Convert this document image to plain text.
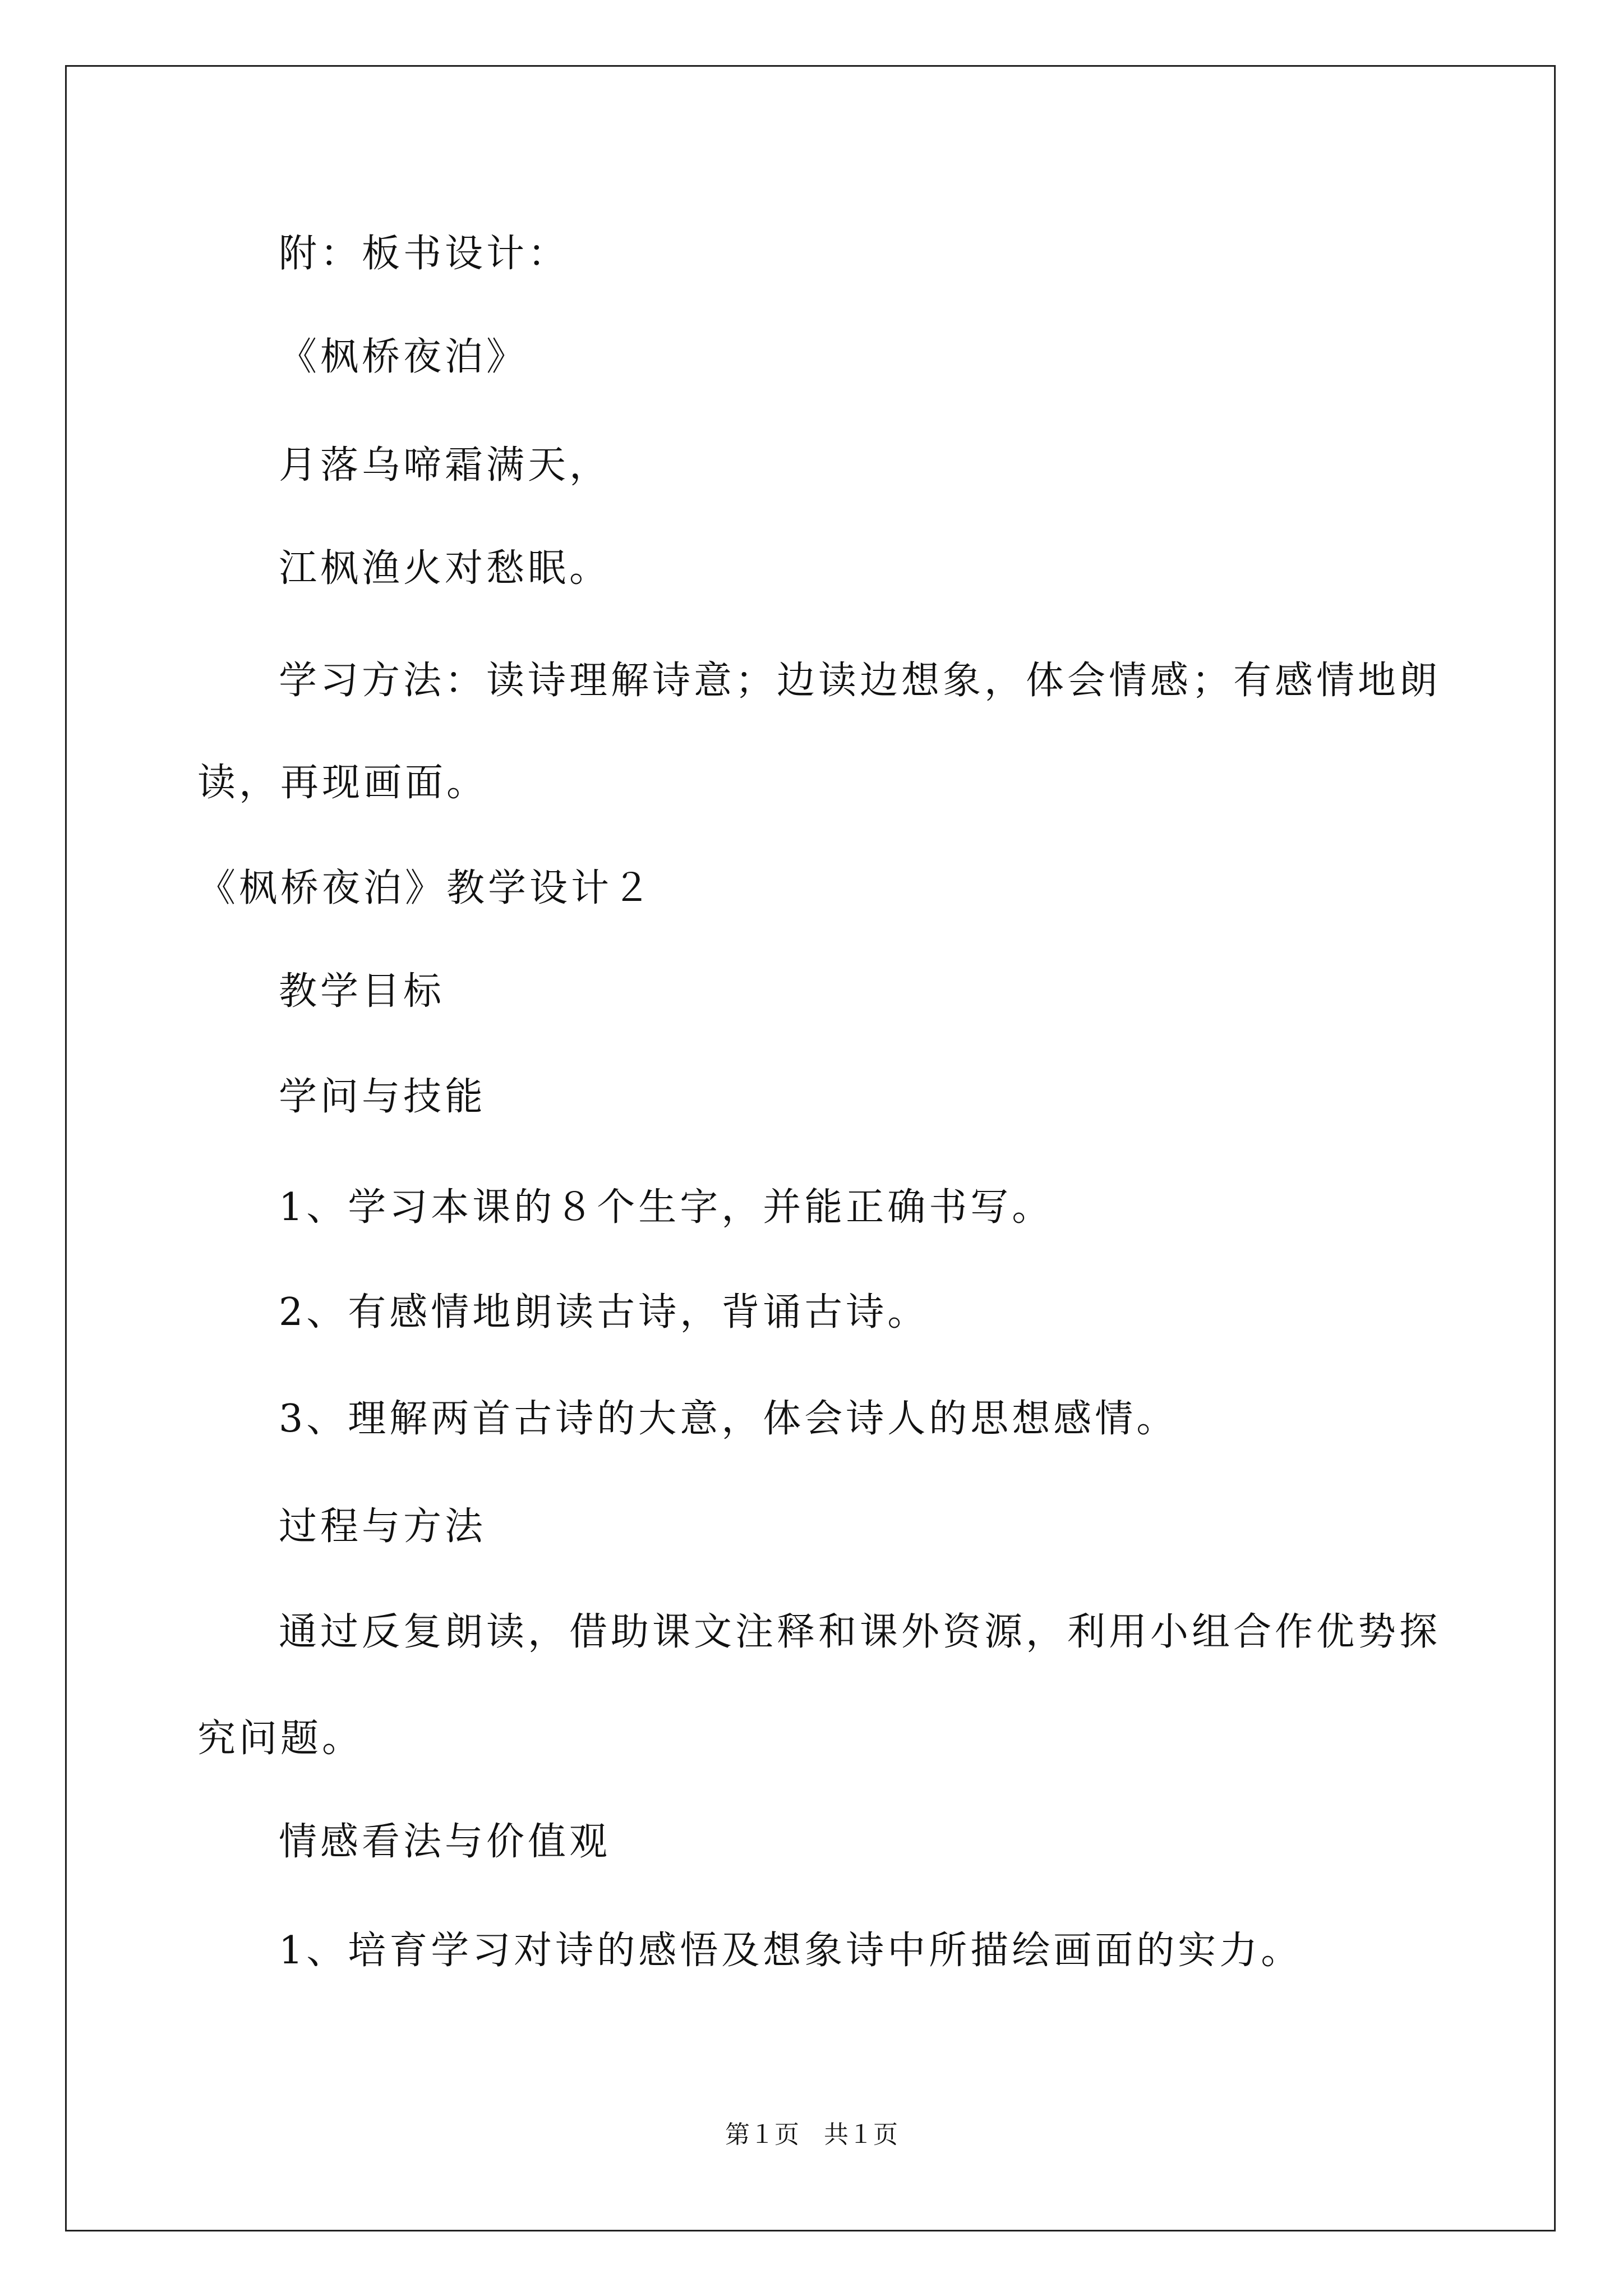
附：板书设计：
《枫桥夜泊》
月落乌啼霜满天，
江枫渔火对愁眠。
学习方法：读诗理解诗意；边读边想象，体会情感；有感情地朗
读，再现画面。
《枫桥夜泊》教学设计２
教学目标
学问与技能
1、学习本课的８个生字，并能正确书写。
2、有感情地朗读古诗，背诵古诗。
3、理解两首古诗的大意，体会诗人的思想感情。
过程与方法
通过反复朗读，借助课文注释和课外资源，利用小组合作优势探
究问题。
情感看法与价值观
1、培育学习对诗的感悟及想象诗中所描绘画面的实力。
第１页　共１页
